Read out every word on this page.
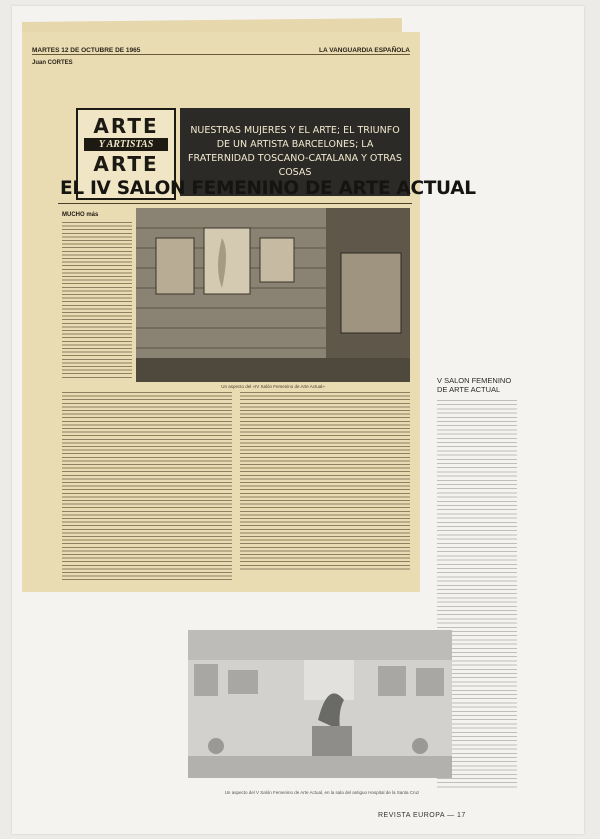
MARTES 12 DE OCTUBRE DE 1965	LA VANGUARDIA ESPAÑOLA
Juan CORTES
ARTE
Y ARTISTAS
ARTE
NUESTRAS MUJERES Y EL ARTE; EL TRIUNFO DE UN ARTISTA BARCELONES; LA FRATERNIDAD TOSCANO-CATALANA Y OTRAS COSAS
EL IV SALON FEMENINO DE ARTE ACTUAL
MUCHO más
Un aspecto del «IV Salón Femenino de Arte Actual»
V SALON FEMENINO DE ARTE ACTUAL
Un aspecto del V Salón Femenino de Arte Actual, en la sala del antiguo Hospital de la Santa Cruz
REVISTA EUROPA — 17
